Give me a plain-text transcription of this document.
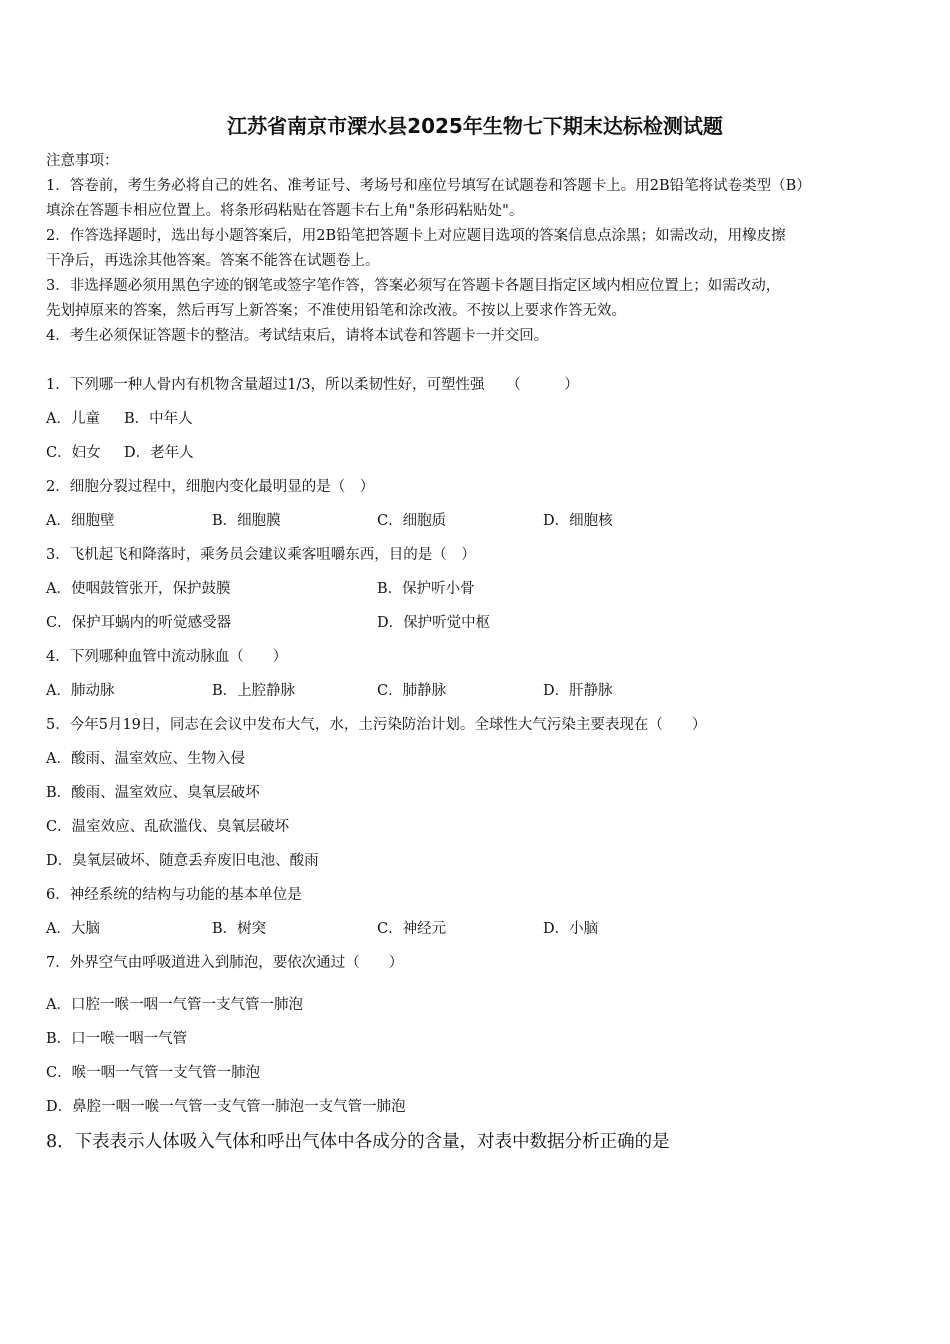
江苏省南京市溧水县2025年生物七下期末达标检测试题
注意事项：
1．答卷前，考生务必将自己的姓名、准考证号、考场号和座位号填写在试题卷和答题卡上。用2B铅笔将试卷类型（B）
填涂在答题卡相应位置上。将条形码粘贴在答题卡右上角"条形码粘贴处"。
2．作答选择题时，选出每小题答案后，用2B铅笔把答题卡上对应题目选项的答案信息点涂黑；如需改动，用橡皮擦
干净后，再选涂其他答案。答案不能答在试题卷上。
3．非选择题必须用黑色字迹的钢笔或签字笔作答，答案必须写在答题卡各题目指定区域内相应位置上；如需改动，
先划掉原来的答案，然后再写上新答案；不准使用铅笔和涂改液。不按以上要求作答无效。
4．考生必须保证答题卡的整洁。考试结束后，请将本试卷和答题卡一并交回。
1．下列哪一种人骨内有机物含量超过1/3，所以柔韧性好，可塑性强　　（　　　）
A．儿童 B．中年人
C．妇女 D．老年人
2．细胞分裂过程中，细胞内变化最明显的是（　）
A．细胞壁	B．细胞膜	C．细胞质	D．细胞核
3．飞机起飞和降落时，乘务员会建议乘客咀嚼东西，目的是（　）
A．使咽鼓管张开，保护鼓膜	B．保护听小骨
C．保护耳蜗内的听觉感受器	D．保护听觉中枢
4．下列哪种血管中流动脉血（　　）
A．肺动脉	B．上腔静脉	C．肺静脉	D．肝静脉
5．今年5月19日，同志在会议中发布大气，水，土污染防治计划。全球性大气污染主要表现在（　　）
A．酸雨、温室效应、生物入侵
B．酸雨、温室效应、臭氧层破坏
C．温室效应、乱砍滥伐、臭氧层破坏
D．臭氧层破坏、随意丢弃废旧电池、酸雨
6．神经系统的结构与功能的基本单位是
A．大脑	B．树突	C．神经元	D．小脑
7．外界空气由呼吸道进入到肺泡，要依次通过（　　）
A．口腔一喉一咽一气管一支气管一肺泡
B．口一喉一咽一气管
C．喉一咽一气管一支气管一肺泡
D．鼻腔一咽一喉一气管一支气管一肺泡一支气管一肺泡
8．下表表示人体吸入气体和呼出气体中各成分的含量，对表中数据分析正确的是
